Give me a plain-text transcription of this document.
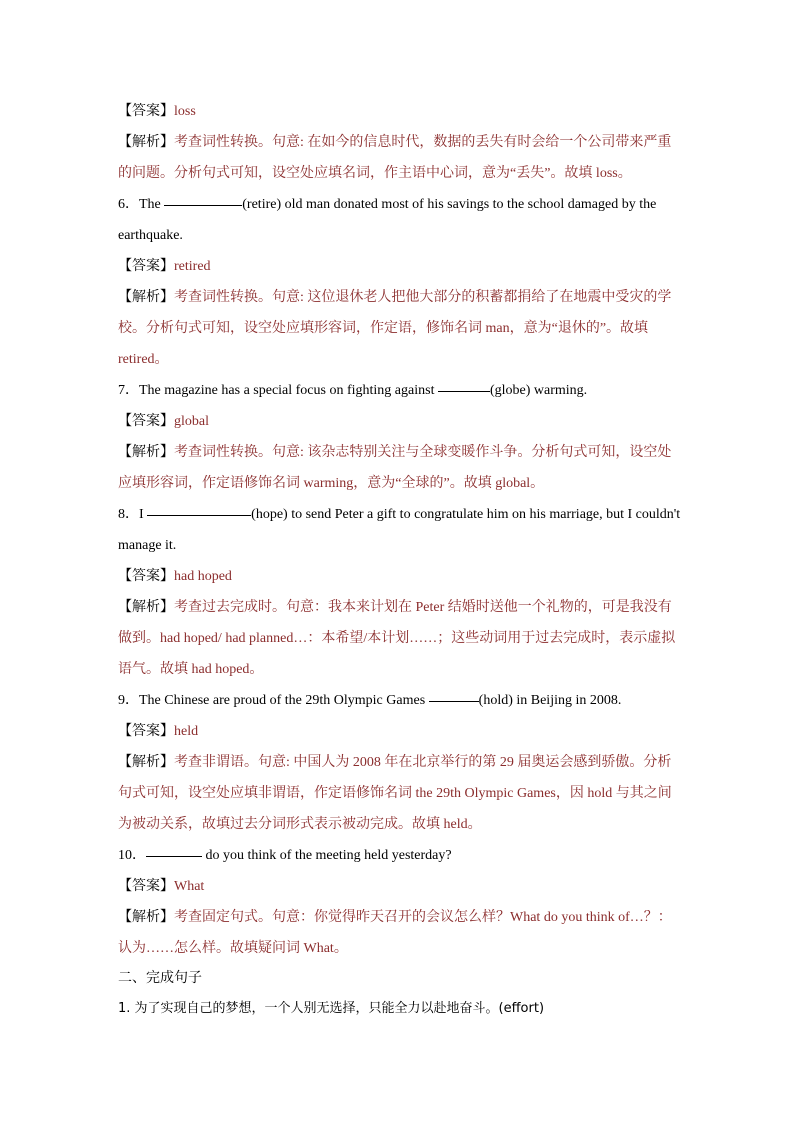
【答案】loss
【解析】考查词性转换。句意: 在如今的信息时代，数据的丢失有时会给一个公司带来严重
的问题。分析句式可知，设空处应填名词，作主语中心词，意为“丢失”。故填 loss。
6．The	(retire) old man donated most of his savings to the school damaged by the
earthquake.
【答案】retired
【解析】考查词性转换。句意: 这位退休老人把他大部分的积蓄都捐给了在地震中受灾的学
校。分析句式可知，设空处应填形容词，作定语，修饰名词 man，意为“退休的”。故填
retired。
7．The magazine has a special focus on fighting against	(globe) warming.
【答案】global
【解析】考查词性转换。句意: 该杂志特别关注与全球变暖作斗争。分析句式可知，设空处
应填形容词，作定语修饰名词 warming，意为“全球的”。故填 global。
8．I	(hope) to send Peter a gift to congratulate him on his marriage, but I couldn't
manage it.
【答案】had hoped
【解析】考查过去完成时。句意：我本来计划在 Peter 结婚时送他一个礼物的，可是我没有
做到。had hoped/ had planned…：本希望/本计划……；这些动词用于过去完成时，表示虚拟
语气。故填 had hoped。
9．The Chinese are proud of the 29th Olympic Games	(hold) in Beijing in 2008.
【答案】held
【解析】考查非谓语。句意: 中国人为 2008 年在北京举行的第 29 届奥运会感到骄傲。分析
句式可知，设空处应填非谓语，作定语修饰名词 the 29th Olympic Games，因 hold 与其之间
为被动关系，故填过去分词形式表示被动完成。故填 held。
10．	do you think of the meeting held yesterday?
【答案】What
【解析】考查固定句式。句意：你觉得昨天召开的会议怎么样？What do you think of…？：
认为……怎么样。故填疑问词 What。
二、完成句子
1. 为了实现自己的梦想，一个人别无选择，只能全力以赴地奋斗。(effort)
